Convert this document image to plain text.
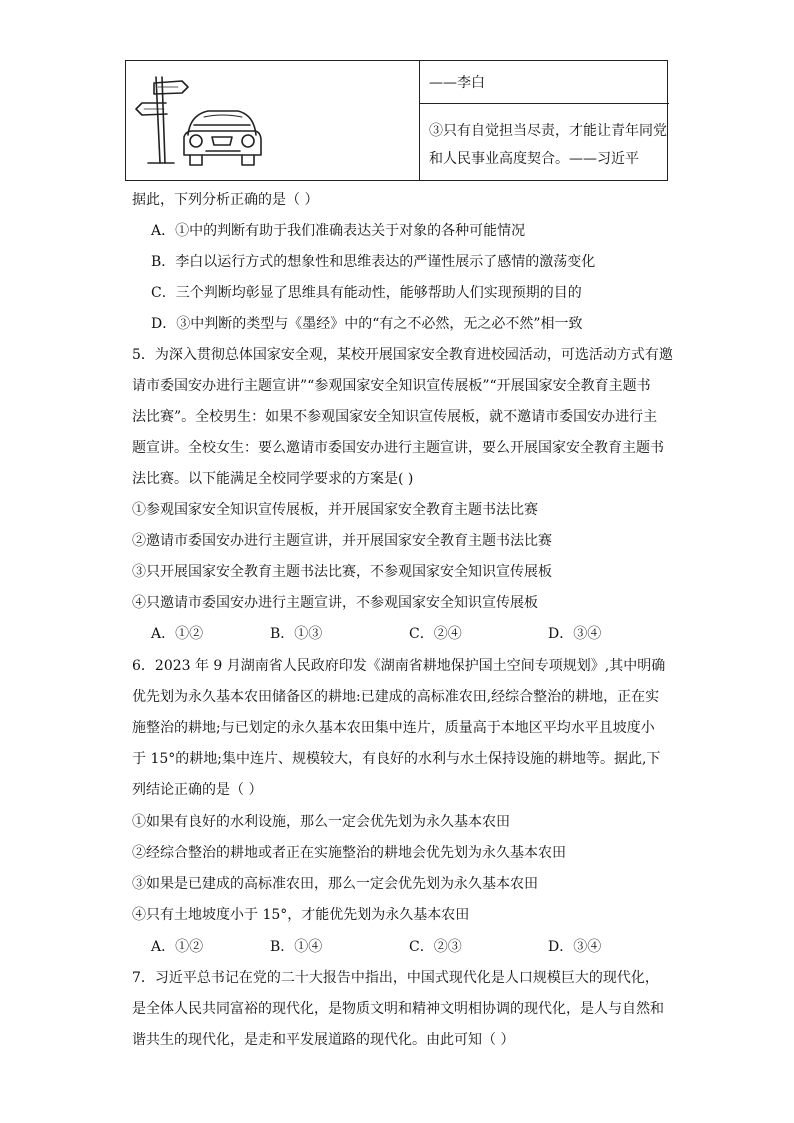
——李白
③只有自觉担当尽责，才能让青年同党
和人民事业高度契合。——习近平
据此，下列分析正确的是（ ）
A．①中的判断有助于我们准确表达关于对象的各种可能情况
B．李白以运行方式的想象性和思维表达的严谨性展示了感情的激荡变化
C．三个判断均彰显了思维具有能动性，能够帮助人们实现预期的目的
D．③中判断的类型与《墨经》中的“有之不必然，无之必不然”相一致
5．为深入贯彻总体国家安全观，某校开展国家安全教育进校园活动，可选活动方式有邀
请市委国安办进行主题宣讲”“参观国家安全知识宣传展板”“开展国家安全教育主题书
法比赛”。全校男生：如果不参观国家安全知识宣传展板，就不邀请市委国安办进行主
题宣讲。全校女生：要么邀请市委国安办进行主题宣讲，要么开展国家安全教育主题书
法比赛。以下能满足全校同学要求的方案是( )
①参观国家安全知识宣传展板，并开展国家安全教育主题书法比赛
②邀请市委国安办进行主题宣讲，并开展国家安全教育主题书法比赛
③只开展国家安全教育主题书法比赛，不参观国家安全知识宣传展板
④只邀请市委国安办进行主题宣讲，不参观国家安全知识宣传展板
A．①②	B．①③	C．②④	D．③④
6．2023 年 9 月湖南省人民政府印发《湖南省耕地保护国土空间专项规划》,其中明确
优先划为永久基本农田储备区的耕地:已建成的高标准农田,经综合整治的耕地，正在实
施整治的耕地;与已划定的永久基本农田集中连片，质量高于本地区平均水平且坡度小
于 15°的耕地;集中连片、规模较大，有良好的水利与水土保持设施的耕地等。据此,下
列结论正确的是（ ）
①如果有良好的水利设施，那么一定会优先划为永久基本农田
②经综合整治的耕地或者正在实施整治的耕地会优先划为永久基本农田
③如果是已建成的高标准农田，那么一定会优先划为永久基本农田
④只有土地坡度小于 15°，才能优先划为永久基本农田
A．①②	B．①④	C．②③	D．③④
7．习近平总书记在党的二十大报告中指出，中国式现代化是人口规模巨大的现代化，
是全体人民共同富裕的现代化，是物质文明和精神文明相协调的现代化，是人与自然和
谐共生的现代化，是走和平发展道路的现代化。由此可知（ ）
